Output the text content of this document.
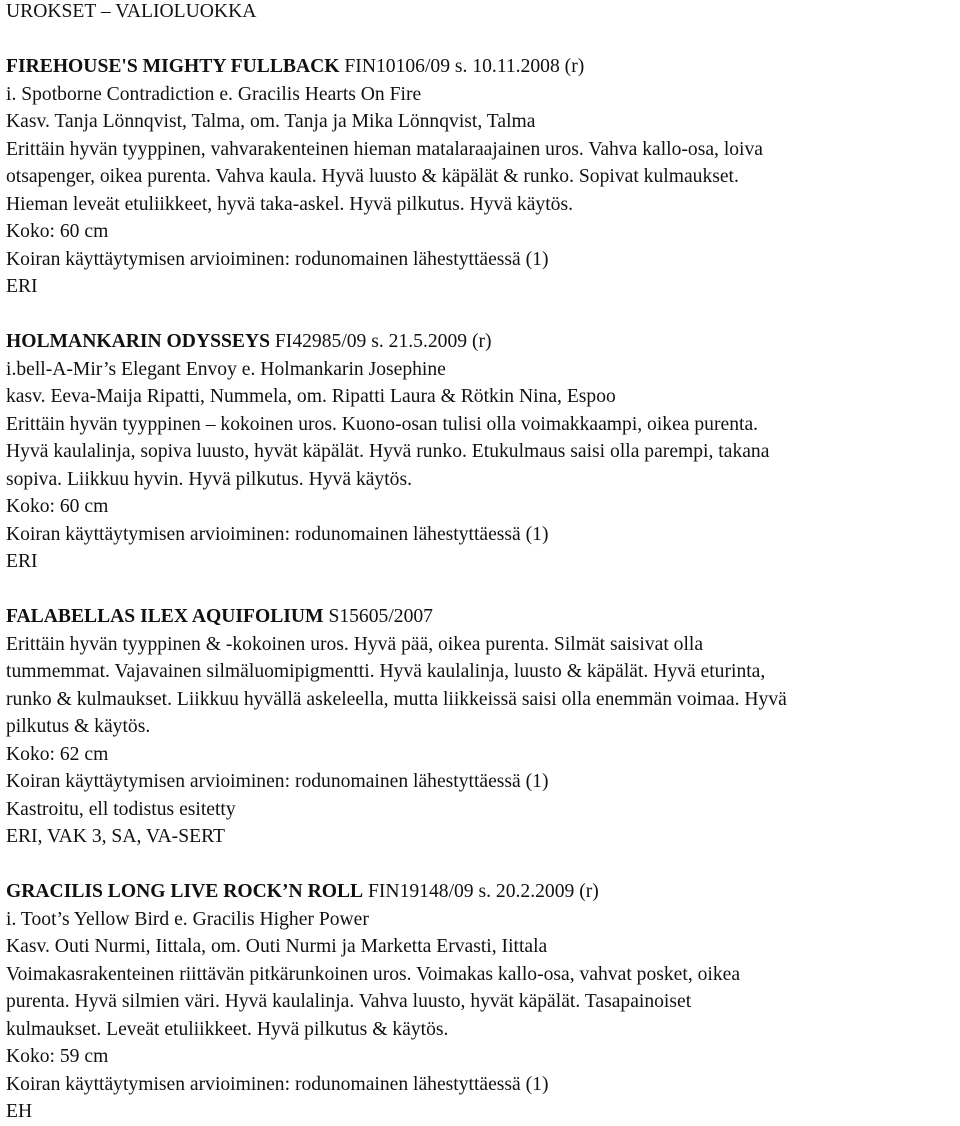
UROKSET – VALIOLUOKKA
FIREHOUSE'S MIGHTY FULLBACK FIN10106/09 s. 10.11.2008 (r)
i. Spotborne Contradiction e. Gracilis Hearts On Fire
Kasv. Tanja Lönnqvist, Talma, om. Tanja ja Mika Lönnqvist, Talma
Erittäin hyvän tyyppinen, vahvarakenteinen hieman matalaraajainen uros. Vahva kallo-osa, loiva
otsapenger, oikea purenta. Vahva kaula. Hyvä luusto & käpälät & runko. Sopivat kulmaukset.
Hieman leveät etuliikkeet, hyvä taka-askel. Hyvä pilkutus. Hyvä käytös.
Koko: 60 cm
Koiran käyttäytymisen arvioiminen: rodunomainen lähestyttäessä (1)
ERI
HOLMANKARIN ODYSSEYS FI42985/09 s. 21.5.2009 (r)
i.bell-A-Mir’s Elegant Envoy e. Holmankarin Josephine
kasv. Eeva-Maija Ripatti, Nummela, om. Ripatti Laura & Rötkin Nina, Espoo
Erittäin hyvän tyyppinen – kokoinen uros. Kuono-osan tulisi olla voimakkaampi, oikea purenta.
Hyvä kaulalinja, sopiva luusto, hyvät käpälät. Hyvä runko. Etukulmaus saisi olla parempi, takana
sopiva. Liikkuu hyvin. Hyvä pilkutus. Hyvä käytös.
Koko: 60 cm
Koiran käyttäytymisen arvioiminen: rodunomainen lähestyttäessä (1)
ERI
FALABELLAS ILEX AQUIFOLIUM S15605/2007
Erittäin hyvän tyyppinen & -kokoinen uros. Hyvä pää, oikea purenta. Silmät saisivat olla
tummemmat. Vajavainen silmäluomipigmentti. Hyvä kaulalinja, luusto & käpälät. Hyvä eturinta,
runko & kulmaukset. Liikkuu hyvällä askeleella, mutta liikkeissä saisi olla enemmän voimaa. Hyvä
pilkutus & käytös.
Koko: 62 cm
Koiran käyttäytymisen arvioiminen: rodunomainen lähestyttäessä (1)
Kastroitu, ell todistus esitetty
ERI, VAK 3, SA, VA-SERT
GRACILIS LONG LIVE ROCK’N ROLL FIN19148/09 s. 20.2.2009 (r)
i. Toot’s Yellow Bird e. Gracilis Higher Power
Kasv. Outi Nurmi, Iittala, om. Outi Nurmi ja Marketta Ervasti, Iittala
Voimakasrakenteinen riittävän pitkärunkoinen uros. Voimakas kallo-osa, vahvat posket, oikea
purenta. Hyvä silmien väri. Hyvä kaulalinja. Vahva luusto, hyvät käpälät. Tasapainoiset
kulmaukset. Leveät etuliikkeet. Hyvä pilkutus & käytös.
Koko: 59 cm
Koiran käyttäytymisen arvioiminen: rodunomainen lähestyttäessä (1)
EH
